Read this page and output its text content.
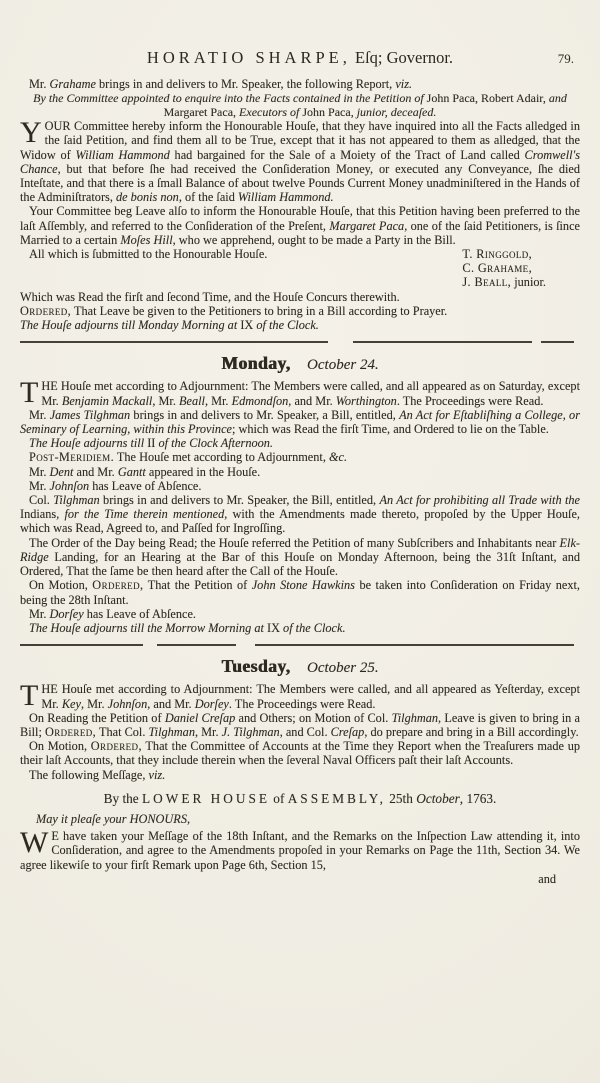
HORATIO SHARPE, Eſq; Governor.	79.

Mr. Grahame brings in and delivers to Mr. Speaker, the following Report, viz.

By the Committee appointed to enquire into the Facts contained in the Petition of John Paca, Robert Adair, and Margaret Paca, Executors of John Paca, junior, deceaſed.

YOUR Committee hereby inform the Honourable Houſe, that they have inquired into all the Facts alledged in the ſaid Petition, and find them all to be True, except that it has not appeared to them as alledged, that the Widow of William Hammond had bargained for the Sale of a Moiety of the Tract of Land called Cromwell's Chance, but that before ſhe had received the Conſideration Money, or executed any Conveyance, ſhe died Inteſtate, and that there is a ſmall Balance of about twelve Pounds Current Money unadminiſtered in the Hands of the Adminiſtrators, de bonis non, of the ſaid William Hammond.

Your Committee beg Leave alſo to inform the Honourable Houſe, that this Petition having been preferred to the laſt Aſſembly, and referred to the Conſideration of the Preſent, Margaret Paca, one of the ſaid Petitioners, is ſince Married to a certain Moſes Hill, who we apprehend, ought to be made a Party in the Bill.

All which is ſubmitted to the Honourable Houſe.	T. Ringgold,

C. Grahame,

J. Beall, junior.

Which was Read the firſt and ſecond Time, and the Houſe Concurs therewith.

Ordered, That Leave be given to the Petitioners to bring in a Bill according to Prayer.

The Houſe adjourns till Monday Morning at IX of the Clock.

Monday, October 24.

THE Houſe met according to Adjournment: The Members were called, and all appeared as on Saturday, except Mr. Benjamin Mackall, Mr. Beall, Mr. Edmondſon, and Mr. Worthington. The Proceedings were Read.

Mr. James Tilghman brings in and delivers to Mr. Speaker, a Bill, entitled, An Act for Eſtabliſhing a College, or Seminary of Learning, within this Province; which was Read the firſt Time, and Ordered to lie on the Table.

The Houſe adjourns till II of the Clock Afternoon.

Post-Meridiem. The Houſe met according to Adjournment, &c.

Mr. Dent and Mr. Gantt appeared in the Houſe.

Mr. Johnſon has Leave of Abſence.

Col. Tilghman brings in and delivers to Mr. Speaker, the Bill, entitled, An Act for prohibiting all Trade with the Indians, for the Time therein mentioned, with the Amendments made thereto, propoſed by the Upper Houſe, which was Read, Agreed to, and Paſſed for Ingroſſing.

The Order of the Day being Read; the Houſe referred the Petition of many Subſcribers and Inhabitants near Elk-Ridge Landing, for an Hearing at the Bar of this Houſe on Monday Afternoon, being the 31ſt Inſtant, and Ordered, That the ſame be then heard after the Call of the Houſe.

On Motion, Ordered, That the Petition of John Stone Hawkins be taken into Conſideration on Friday next, being the 28th Inſtant.

Mr. Dorſey has Leave of Abſence.

The Houſe adjourns till the Morrow Morning at IX of the Clock.

Tuesday, October 25.

THE Houſe met according to Adjournment: The Members were called, and all appeared as Yeſterday, except Mr. Key, Mr. Johnſon, and Mr. Dorſey. The Proceedings were Read.

On Reading the Petition of Daniel Creſap and Others; on Motion of Col. Tilghman, Leave is given to bring in a Bill; Ordered, That Col. Tilghman, Mr. J. Tilghman, and Col. Creſap, do prepare and bring in a Bill accordingly.

On Motion, Ordered, That the Committee of Accounts at the Time they Report when the Treaſurers made up their laſt Accounts, that they include therein when the ſeveral Naval Officers paſt their laſt Accounts.

The following Meſſage, viz.

By the LOWER HOUSE of ASSEMBLY, 25th October, 1763.

May it pleaſe your HONOURS,

W E have taken your Meſſage of the 18th Inſtant, and the Remarks on the Inſpection Law attending it, into Conſideration, and agree to the Amendments propoſed in your Remarks on Page the 11th, Section 34. We agree likewiſe to your firſt Remark upon Page 6th, Section 15,

and
